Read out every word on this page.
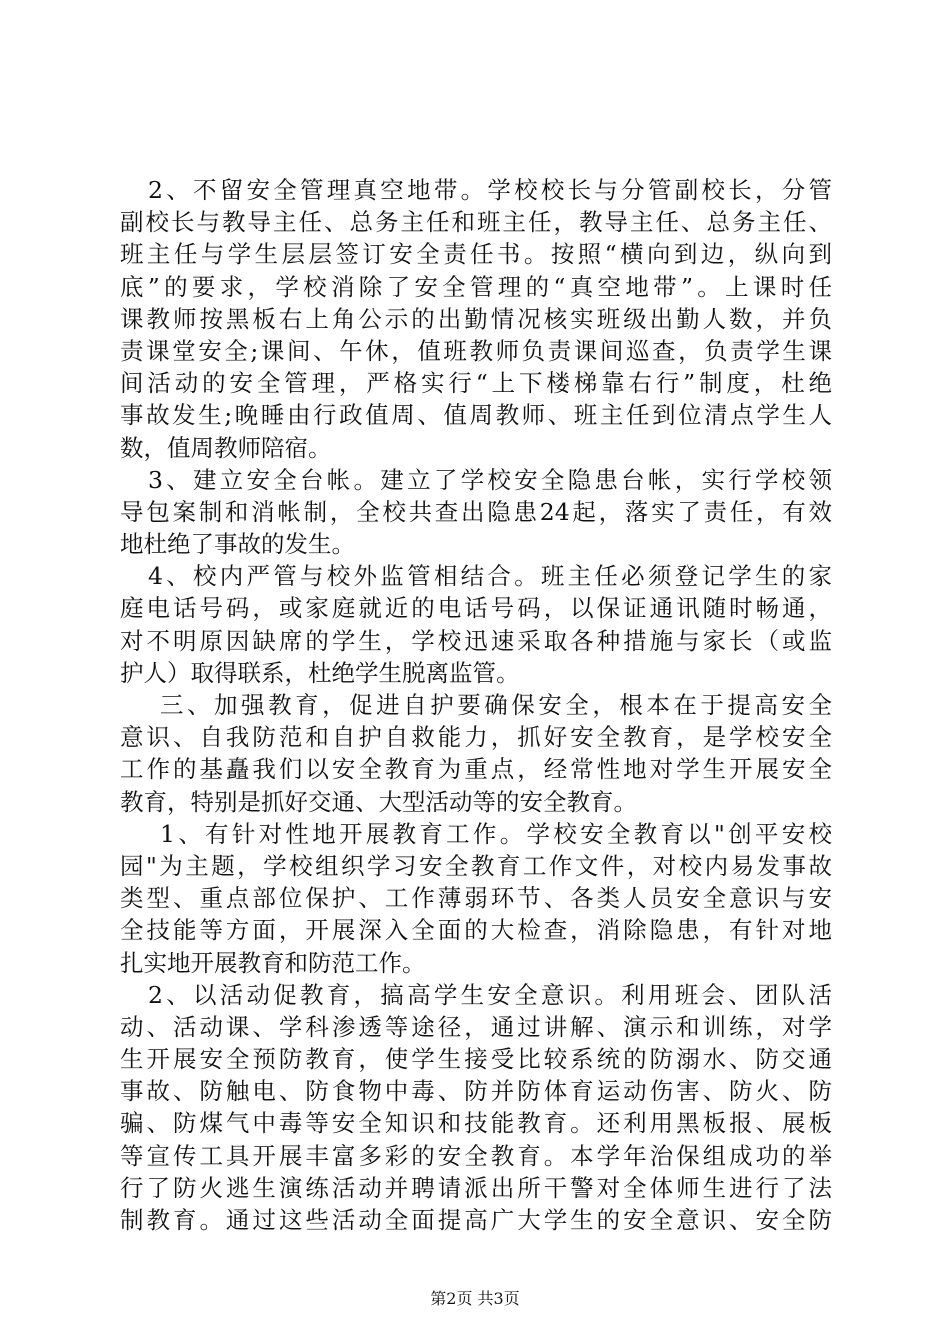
2、不留安全管理真空地带。学校校长与分管副校长，分管
副校长与教导主任、总务主任和班主任，教导主任、总务主任、
班主任与学生层层签订安全责任书。按照“横向到边，纵向到
底”的要求，学校消除了安全管理的“真空地带”。上课时任
课教师按黑板右上角公示的出勤情况核实班级出勤人数，并负
责课堂安全;课间、午休，值班教师负责课间巡查，负责学生课
间活动的安全管理，严格实行“上下楼梯靠右行”制度，杜绝
事故发生;晚睡由行政值周、值周教师、班主任到位清点学生人
数，值周教师陪宿。
3、建立安全台帐。建立了学校安全隐患台帐，实行学校领
导包案制和消帐制，全校共查出隐患24起，落实了责任，有效
地杜绝了事故的发生。
4、校内严管与校外监管相结合。班主任必须登记学生的家
庭电话号码，或家庭就近的电话号码，以保证通讯随时畅通，
对不明原因缺席的学生，学校迅速采取各种措施与家长（或监
护人）取得联系，杜绝学生脱离监管。
三、加强教育，促进自护要确保安全，根本在于提高安全
意识、自我防范和自护自救能力，抓好安全教育，是学校安全
工作的基矗我们以安全教育为重点，经常性地对学生开展安全
教育，特别是抓好交通、大型活动等的安全教育。
1、有针对性地开展教育工作。学校安全教育以"创平安校
园"为主题，学校组织学习安全教育工作文件，对校内易发事故
类型、重点部位保护、工作薄弱环节、各类人员安全意识与安
全技能等方面，开展深入全面的大检查，消除隐患，有针对地
扎实地开展教育和防范工作。
2、以活动促教育，搞高学生安全意识。利用班会、团队活
动、活动课、学科渗透等途径，通过讲解、演示和训练，对学
生开展安全预防教育，使学生接受比较系统的防溺水、防交通
事故、防触电、防食物中毒、防并防体育运动伤害、防火、防
骗、防煤气中毒等安全知识和技能教育。还利用黑板报、展板
等宣传工具开展丰富多彩的安全教育。本学年治保组成功的举
行了防火逃生演练活动并聘请派出所干警对全体师生进行了法
制教育。通过这些活动全面提高广大学生的安全意识、安全防
第2页 共3页
